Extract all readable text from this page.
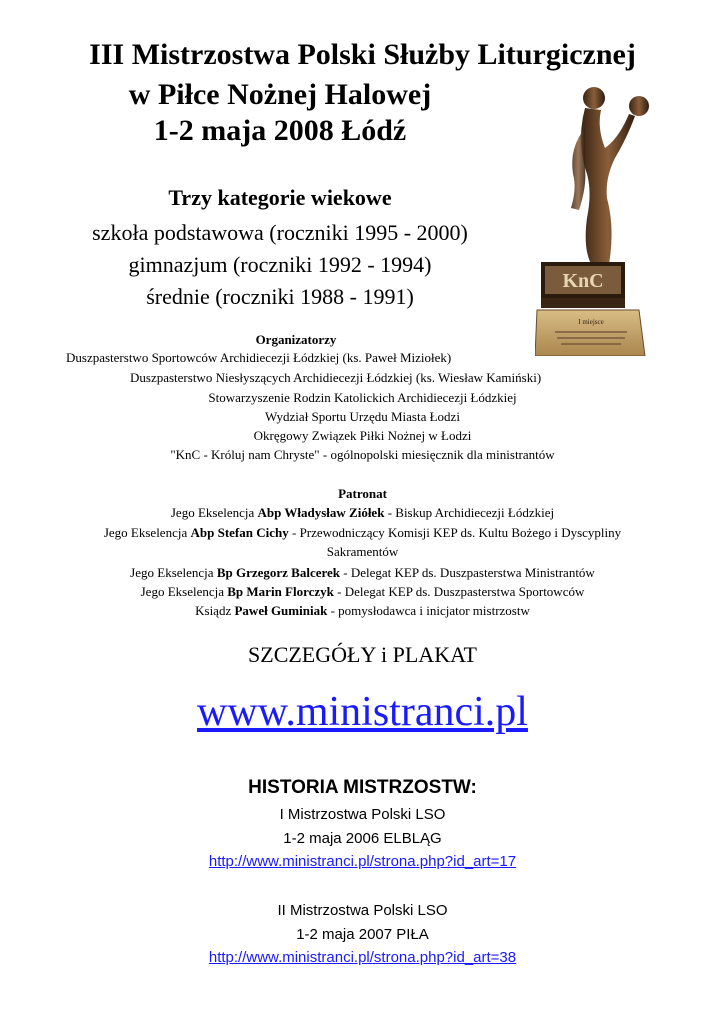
III Mistrzostwa Polski Służby Liturgicznej
w Piłce Nożnej Halowej
1-2 maja 2008 Łódź
KnC
I miejsce
Trzy kategorie wiekowe
szkoła podstawowa (roczniki 1995 - 2000)
gimnazjum (roczniki 1992 - 1994)
średnie (roczniki 1988 - 1991)
Organizatorzy
Duszpasterstwo Sportowców Archidiecezji Łódzkiej (ks. Paweł Miziołek)
Duszpasterstwo Niesłyszących Archidiecezji Łódzkiej (ks. Wiesław Kamiński)
Stowarzyszenie Rodzin Katolickich Archidiecezji Łódzkiej
Wydział Sportu Urzędu Miasta Łodzi
Okręgowy Związek Piłki Nożnej w Łodzi
"KnC - Króluj nam Chryste" - ogólnopolski miesięcznik dla ministrantów
Patronat
Jego Ekselencja Abp Władysław Ziółek - Biskup Archidiecezji Łódzkiej
Jego Ekselencja Abp Stefan Cichy - Przewodniczący Komisji KEP ds. Kultu Bożego i Dyscypliny
Sakramentów
Jego Ekselencja Bp Grzegorz Balcerek - Delegat KEP ds. Duszpasterstwa Ministrantów
Jego Ekselencja Bp Marin Florczyk - Delegat KEP ds. Duszpasterstwa Sportowców
Ksiądz Paweł Guminiak - pomysłodawca i inicjator mistrzostw
SZCZEGÓŁY i PLAKAT
www.ministranci.pl
HISTORIA MISTRZOSTW:
I Mistrzostwa Polski LSO
1-2 maja 2006 ELBLĄG
http://www.ministranci.pl/strona.php?id_art=17
II Mistrzostwa Polski LSO
1-2 maja 2007 PIŁA
http://www.ministranci.pl/strona.php?id_art=38
